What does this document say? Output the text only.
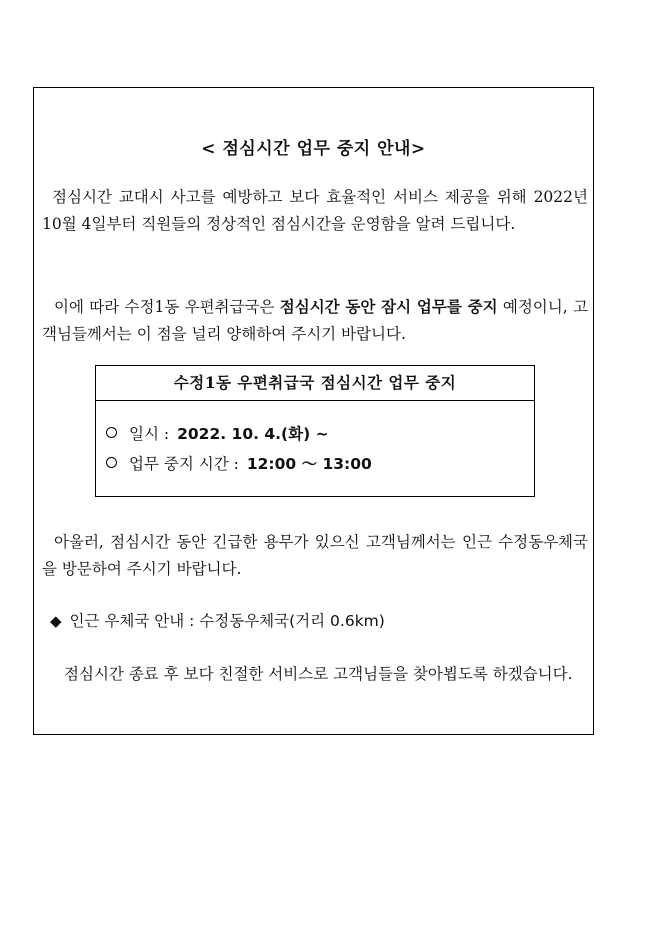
< 점심시간 업무 중지 안내>
점심시간 교대시 사고를 예방하고 보다 효율적인 서비스 제공을 위해 2022년 10월 4일부터 직원들의 정상적인 점심시간을 운영함을 알려 드립니다.
이에 따라 수정1동 우편취급국은 점심시간 동안 잠시 업무를 중지 예정이니, 고객님들께서는 이 점을 널리 양해하여 주시기 바랍니다.
수정1동 우편취급국 점심시간 업무 중지
일시 : 2022. 10. 4.(화) ~
업무 중지 시간 : 12:00 ～ 13:00
아울러, 점심시간 동안 긴급한 용무가 있으신 고객님께서는 인근 수정동우체국을 방문하여 주시기 바랍니다.
◆ 인근 우체국 안내 : 수정동우체국(거리 0.6km)
점심시간 종료 후 보다 친절한 서비스로 고객님들을 찾아뵙도록 하겠습니다.
